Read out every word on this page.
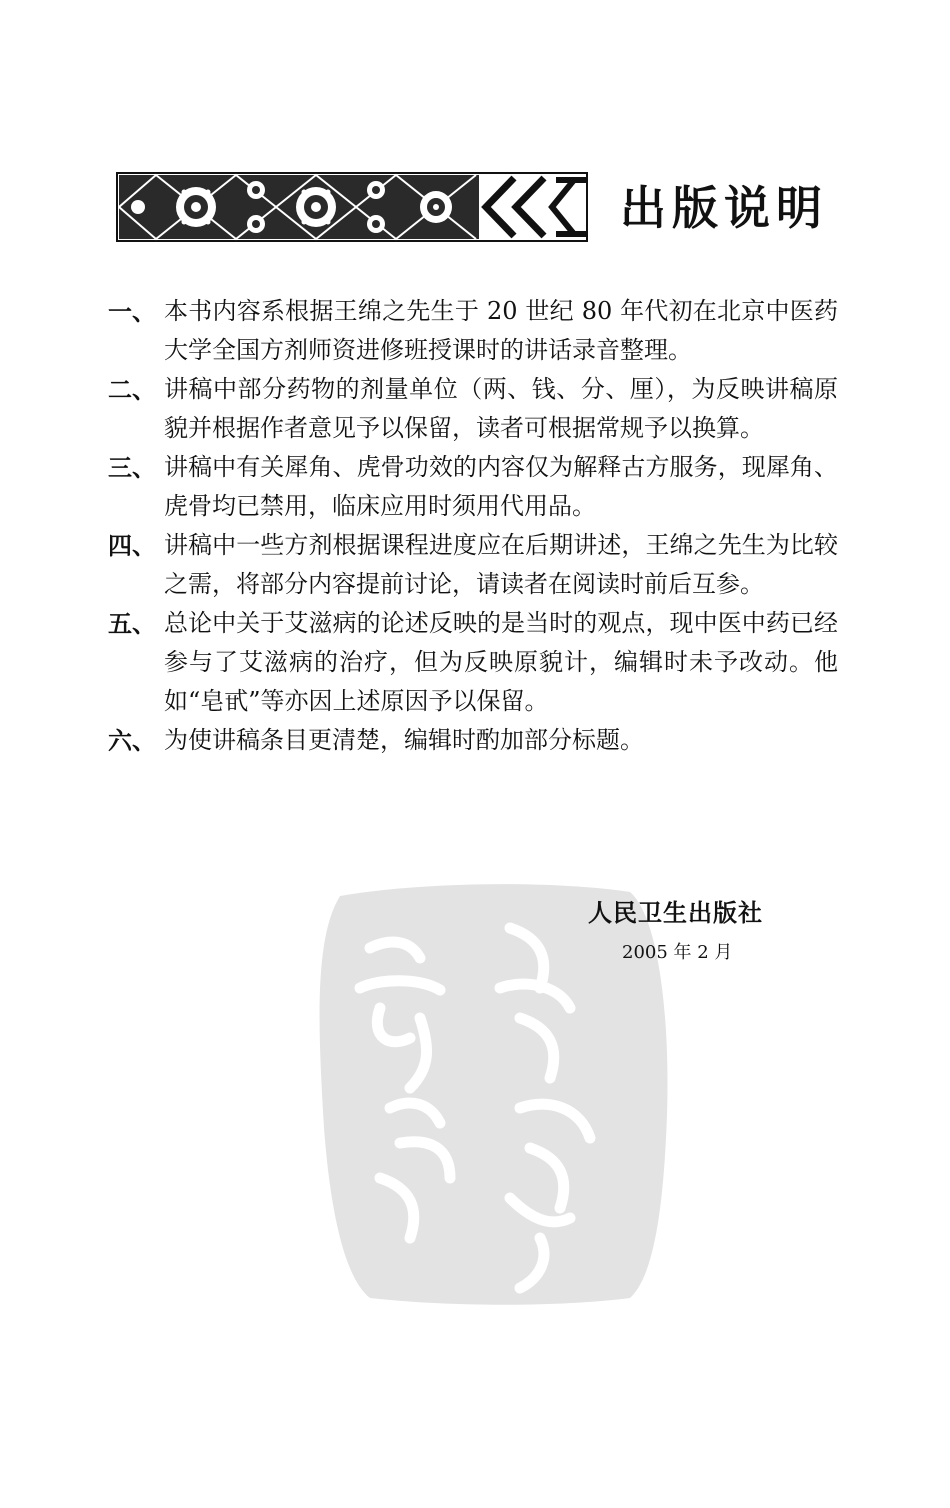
出版说明
一、 本书内容系根据王绵之先生于 20 世纪 80 年代初在北京中医药大学全国方剂师资进修班授课时的讲话录音整理。
二、 讲稿中部分药物的剂量单位（两、钱、分、厘），为反映讲稿原貌并根据作者意见予以保留，读者可根据常规予以换算。
三、 讲稿中有关犀角、虎骨功效的内容仅为解释古方服务，现犀角、虎骨均已禁用，临床应用时须用代用品。
四、 讲稿中一些方剂根据课程进度应在后期讲述，王绵之先生为比较之需，将部分内容提前讨论，请读者在阅读时前后互参。
五、 总论中关于艾滋病的论述反映的是当时的观点，现中医中药已经参与了艾滋病的治疗，但为反映原貌计，编辑时未予改动。他如“皂甙”等亦因上述原因予以保留。
六、 为使讲稿条目更清楚，编辑时酌加部分标题。
人民卫生出版社
2005 年 2 月
